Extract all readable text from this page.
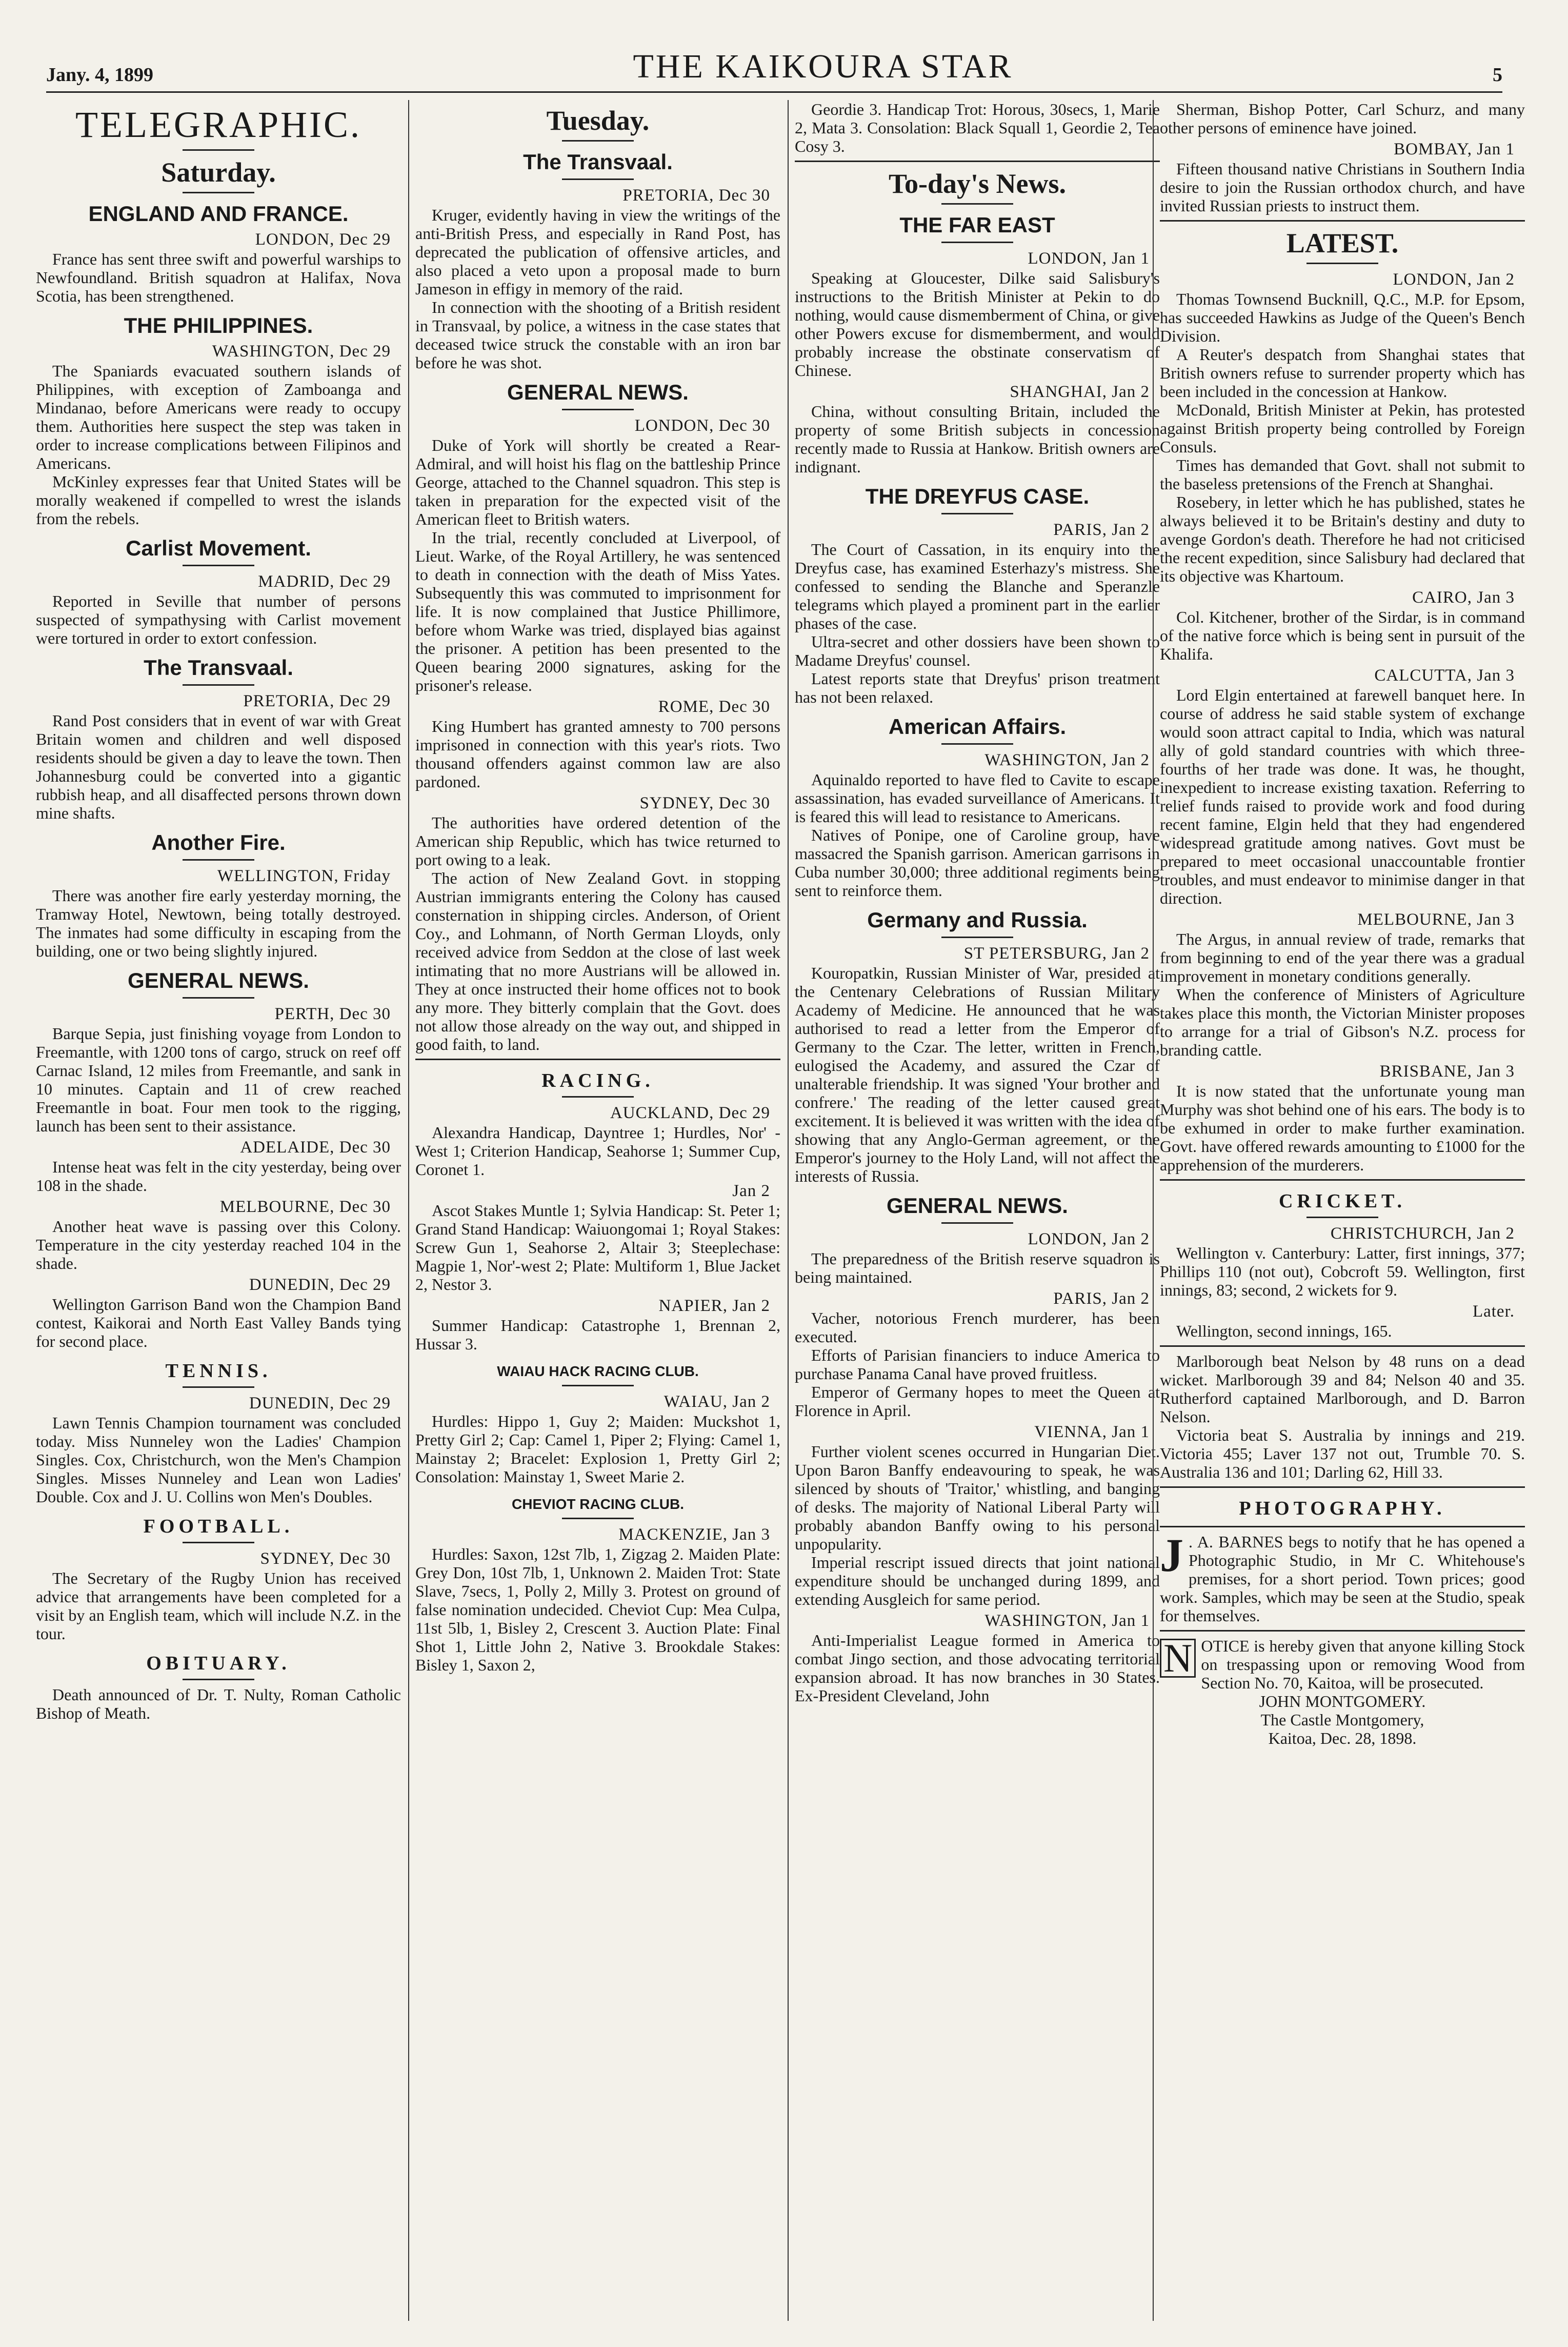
Jany. 4, 1899	THE KAIKOURA STAR	5
TELEGRAPHIC.
Saturday.
ENGLAND AND FRANCE.
LONDON, Dec 29

France has sent three swift and powerful warships to Newfoundland. British squadron at Halifax, Nova Scotia, has been strengthened.

THE PHILIPPINES.
WASHINGTON, Dec 29

The Spaniards evacuated southern islands of Philippines, with exception of Zamboanga and Mindanao, before Americans were ready to occupy them. Authorities here suspect the step was taken in order to increase complications between Filipinos and Americans.

McKinley expresses fear that United States will be morally weakened if compelled to wrest the islands from the rebels.

Carlist Movement.
MADRID, Dec 29

Reported in Seville that number of persons suspected of sympathysing with Carlist movement were tortured in order to extort confession.

The Transvaal.
PRETORIA, Dec 29

Rand Post considers that in event of war with Great Britain women and children and well disposed residents should be given a day to leave the town. Then Johannesburg could be converted into a gigantic rubbish heap, and all disaffected persons thrown down mine shafts.

Another Fire.
WELLINGTON, Friday

There was another fire early yesterday morning, the Tramway Hotel, Newtown, being totally destroyed. The inmates had some difficulty in escaping from the building, one or two being slightly injured.

GENERAL NEWS.
PERTH, Dec 30

Barque Sepia, just finishing voyage from London to Freemantle, with 1200 tons of cargo, struck on reef off Carnac Island, 12 miles from Freemantle, and sank in 10 minutes. Captain and 11 of crew reached Freemantle in boat. Four men took to the rigging, launch has been sent to their assistance.

ADELAIDE, Dec 30

Intense heat was felt in the city yesterday, being over 108 in the shade.

MELBOURNE, Dec 30

Another heat wave is passing over this Colony. Temperature in the city yesterday reached 104 in the shade.

DUNEDIN, Dec 29

Wellington Garrison Band won the Champion Band contest, Kaikorai and North East Valley Bands tying for second place.

TENNIS.
DUNEDIN, Dec 29

Lawn Tennis Champion tournament was concluded today. Miss Nunneley won the Ladies' Champion Singles. Cox, Christchurch, won the Men's Champion Singles. Misses Nunneley and Lean won Ladies' Double. Cox and J. U. Collins won Men's Doubles.

FOOTBALL.
SYDNEY, Dec 30

The Secretary of the Rugby Union has received advice that arrangements have been completed for a visit by an English team, which will include N.Z. in the tour.

OBITUARY.

Death announced of Dr. T. Nulty, Roman Catholic Bishop of Meath.

Tuesday.
The Transvaal.
PRETORIA, Dec 30

Kruger, evidently having in view the writings of the anti-British Press, and especially in Rand Post, has deprecated the publication of offensive articles, and also placed a veto upon a proposal made to burn Jameson in effigy in memory of the raid.

In connection with the shooting of a British resident in Transvaal, by police, a witness in the case states that deceased twice struck the constable with an iron bar before he was shot.

GENERAL NEWS.
LONDON, Dec 30

Duke of York will shortly be created a Rear-Admiral, and will hoist his flag on the battleship Prince George, attached to the Channel squadron. This step is taken in preparation for the expected visit of the American fleet to British waters.

In the trial, recently concluded at Liverpool, of Lieut. Warke, of the Royal Artillery, he was sentenced to death in connection with the death of Miss Yates. Subsequently this was commuted to imprisonment for life. It is now complained that Justice Phillimore, before whom Warke was tried, displayed bias against the prisoner. A petition has been presented to the Queen bearing 2000 signatures, asking for the prisoner's release.

ROME, Dec 30

King Humbert has granted amnesty to 700 persons imprisoned in connection with this year's riots. Two thousand offenders against common law are also pardoned.

SYDNEY, Dec 30

The authorities have ordered detention of the American ship Republic, which has twice returned to port owing to a leak.

The action of New Zealand Govt. in stopping Austrian immigrants entering the Colony has caused consternation in shipping circles. Anderson, of Orient Coy., and Lohmann, of North German Lloyds, only received advice from Seddon at the close of last week intimating that no more Austrians will be allowed in. They at once instructed their home offices not to book any more. They bitterly complain that the Govt. does not allow those already on the way out, and shipped in good faith, to land.

RACING.
AUCKLAND, Dec 29

Alexandra Handicap, Dayntree 1; Hurdles, Nor' - West 1; Criterion Handicap, Seahorse 1; Summer Cup, Coronet 1.

Jan 2

Ascot Stakes Muntle 1; Sylvia Handicap: St. Peter 1; Grand Stand Handicap: Waiuongomai 1; Royal Stakes: Screw Gun 1, Seahorse 2, Altair 3; Steeplechase: Magpie 1, Nor'-west 2; Plate: Multiform 1, Blue Jacket 2, Nestor 3.

NAPIER, Jan 2

Summer Handicap: Catastrophe 1, Brennan 2, Hussar 3.

WAIAU HACK RACING CLUB.
WAIAU, Jan 2

Hurdles: Hippo 1, Guy 2; Maiden: Muckshot 1, Pretty Girl 2; Cap: Camel 1, Piper 2; Flying: Camel 1, Mainstay 2; Bracelet: Explosion 1, Pretty Girl 2; Consolation: Mainstay 1, Sweet Marie 2.

CHEVIOT RACING CLUB.
MACKENZIE, Jan 3

Hurdles: Saxon, 12st 7lb, 1, Zigzag 2. Maiden Plate: Grey Don, 10st 7lb, 1, Unknown 2. Maiden Trot: State Slave, 7secs, 1, Polly 2, Milly 3. Protest on ground of false nomination undecided. Cheviot Cup: Mea Culpa, 11st 5lb, 1, Bisley 2, Crescent 3. Auction Plate: Final Shot 1, Little John 2, Native 3. Brookdale Stakes: Bisley 1, Saxon 2,

Geordie 3. Handicap Trot: Horous, 30secs, 1, Marie 2, Mata 3. Consolation: Black Squall 1, Geordie 2, Tea Cosy 3.

To-day's News.
THE FAR EAST
LONDON, Jan 1

Speaking at Gloucester, Dilke said Salisbury's instructions to the British Minister at Pekin to do nothing, would cause dismemberment of China, or give other Powers excuse for dismemberment, and would probably increase the obstinate conservatism of Chinese.

SHANGHAI, Jan 2

China, without consulting Britain, included the property of some British subjects in concession recently made to Russia at Hankow. British owners are indignant.

THE DREYFUS CASE.
PARIS, Jan 2

The Court of Cassation, in its enquiry into the Dreyfus case, has examined Esterhazy's mistress. She confessed to sending the Blanche and Speranzle telegrams which played a prominent part in the earlier phases of the case.

Ultra-secret and other dossiers have been shown to Madame Dreyfus' counsel.

Latest reports state that Dreyfus' prison treatment has not been relaxed.

American Affairs.
WASHINGTON, Jan 2

Aquinaldo reported to have fled to Cavite to escape assassination, has evaded surveillance of Americans. It is feared this will lead to resistance to Americans.

Natives of Ponipe, one of Caroline group, have massacred the Spanish garrison. American garrisons in Cuba number 30,000; three additional regiments being sent to reinforce them.

Germany and Russia.
ST PETERSBURG, Jan 2

Kouropatkin, Russian Minister of War, presided at the Centenary Celebrations of Russian Military Academy of Medicine. He announced that he was authorised to read a letter from the Emperor of Germany to the Czar. The letter, written in French, eulogised the Academy, and assured the Czar of unalterable friendship. It was signed 'Your brother and confrere.' The reading of the letter caused great excitement. It is believed it was written with the idea of showing that any Anglo-German agreement, or the Emperor's journey to the Holy Land, will not affect the interests of Russia.

GENERAL NEWS.
LONDON, Jan 2

The preparedness of the British reserve squadron is being maintained.

PARIS, Jan 2

Vacher, notorious French murderer, has been executed.

Efforts of Parisian financiers to induce America to purchase Panama Canal have proved fruitless.

Emperor of Germany hopes to meet the Queen at Florence in April.

VIENNA, Jan 1

Further violent scenes occurred in Hungarian Diet. Upon Baron Banffy endeavouring to speak, he was silenced by shouts of 'Traitor,' whistling, and banging of desks. The majority of National Liberal Party will probably abandon Banffy owing to his personal unpopularity.

Imperial rescript issued directs that joint national expenditure should be unchanged during 1899, and extending Ausgleich for same period.

WASHINGTON, Jan 1

Anti-Imperialist League formed in America to combat Jingo section, and those advocating territorial expansion abroad. It has now branches in 30 States. Ex-President Cleveland, John

Sherman, Bishop Potter, Carl Schurz, and many other persons of eminence have joined.

BOMBAY, Jan 1

Fifteen thousand native Christians in Southern India desire to join the Russian orthodox church, and have invited Russian priests to instruct them.

LATEST.
LONDON, Jan 2

Thomas Townsend Bucknill, Q.C., M.P. for Epsom, has succeeded Hawkins as Judge of the Queen's Bench Division.

A Reuter's despatch from Shanghai states that British owners refuse to surrender property which has been included in the concession at Hankow.

McDonald, British Minister at Pekin, has protested against British property being controlled by Foreign Consuls.

Times has demanded that Govt. shall not submit to the baseless pretensions of the French at Shanghai.

Rosebery, in letter which he has published, states he always believed it to be Britain's destiny and duty to avenge Gordon's death. Therefore he had not criticised the recent expedition, since Salisbury had declared that its objective was Khartoum.

CAIRO, Jan 3

Col. Kitchener, brother of the Sirdar, is in command of the native force which is being sent in pursuit of the Khalifa.

CALCUTTA, Jan 3

Lord Elgin entertained at farewell banquet here. In course of address he said stable system of exchange would soon attract capital to India, which was natural ally of gold standard countries with which three-fourths of her trade was done. It was, he thought, inexpedient to increase existing taxation. Referring to relief funds raised to provide work and food during recent famine, Elgin held that they had engendered widespread gratitude among natives. Govt must be prepared to meet occasional unaccountable frontier troubles, and must endeavor to minimise danger in that direction.

MELBOURNE, Jan 3

The Argus, in annual review of trade, remarks that from beginning to end of the year there was a gradual improvement in monetary conditions generally.

When the conference of Ministers of Agriculture takes place this month, the Victorian Minister proposes to arrange for a trial of Gibson's N.Z. process for branding cattle.

BRISBANE, Jan 3

It is now stated that the unfortunate young man Murphy was shot behind one of his ears. The body is to be exhumed in order to make further examination. Govt. have offered rewards amounting to £1000 for the apprehension of the murderers.

CRICKET.
CHRISTCHURCH, Jan 2

Wellington v. Canterbury: Latter, first innings, 377; Phillips 110 (not out), Cobcroft 59. Wellington, first innings, 83; second, 2 wickets for 9.

Later.

Wellington, second innings, 165.

Marlborough beat Nelson by 48 runs on a dead wicket. Marlborough 39 and 84; Nelson 40 and 35. Rutherford captained Marlborough, and D. Barron Nelson.

Victoria beat S. Australia by innings and 219. Victoria 455; Laver 137 not out, Trumble 70. S. Australia 136 and 101; Darling 62, Hill 33.

PHOTOGRAPHY.

J . A. BARNES begs to notify that he has opened a Photographic Studio, in Mr C. Whitehouse's premises, for a short period. Town prices; good work. Samples, which may be seen at the Studio, speak for themselves.

N OTICE is hereby given that anyone killing Stock on trespassing upon or removing Wood from Section No. 70, Kaitoa, will be prosecuted.

JOHN MONTGOMERY.
The Castle Montgomery,
Kaitoa, Dec. 28, 1898.
